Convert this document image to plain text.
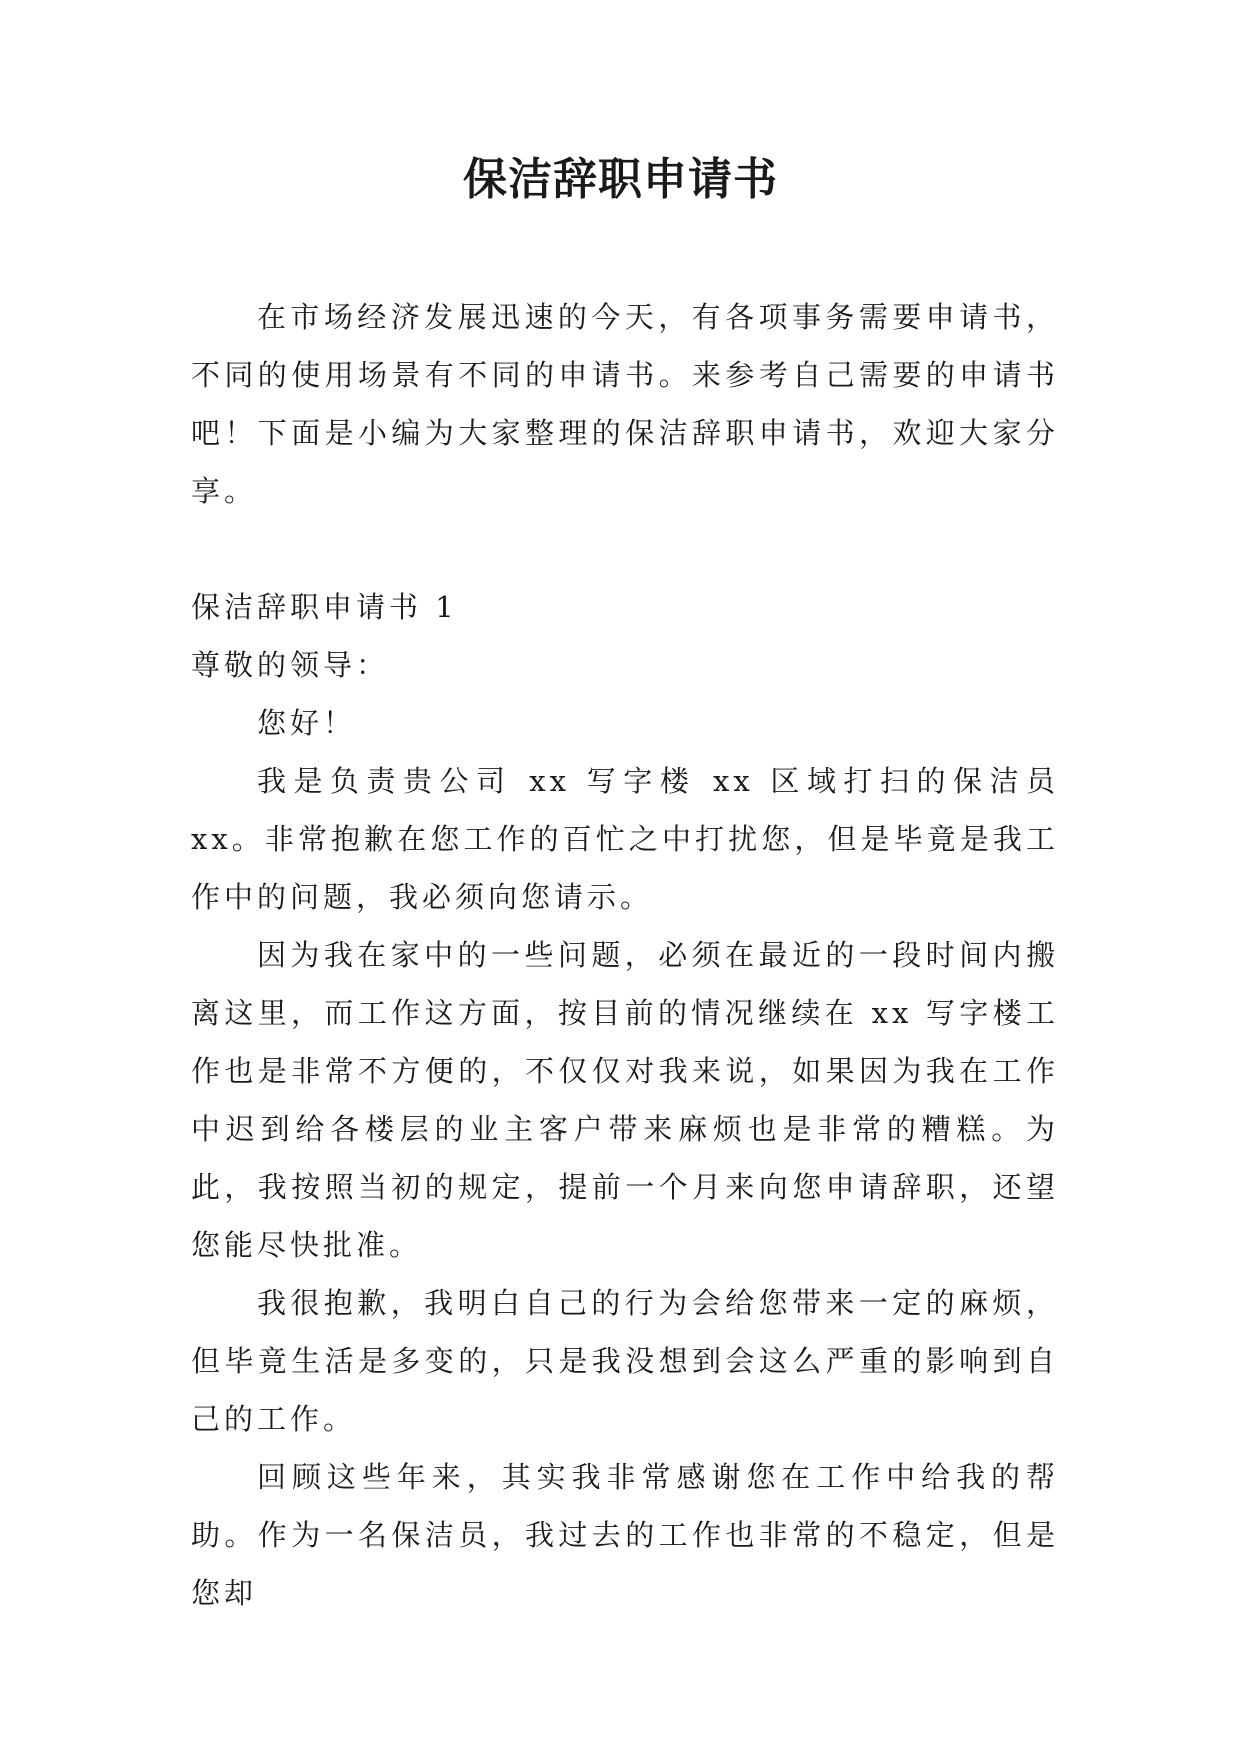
保洁辞职申请书

在市场经济发展迅速的今天，有各项事务需要申请书，不同的使用场景有不同的申请书。来参考自己需要的申请书吧！下面是小编为大家整理的保洁辞职申请书，欢迎大家分享。

保洁辞职申请书 1

尊敬的领导：

您好！

我是负责贵公司 xx 写字楼 xx 区域打扫的保洁员 xx。非常抱歉在您工作的百忙之中打扰您，但是毕竟是我工作中的问题，我必须向您请示。

因为我在家中的一些问题，必须在最近的一段时间内搬离这里，而工作这方面，按目前的情况继续在 xx 写字楼工作也是非常不方便的，不仅仅对我来说，如果因为我在工作中迟到给各楼层的业主客户带来麻烦也是非常的糟糕。为此，我按照当初的规定，提前一个月来向您申请辞职，还望您能尽快批准。

我很抱歉，我明白自己的行为会给您带来一定的麻烦，但毕竟生活是多变的，只是我没想到会这么严重的影响到自己的工作。

回顾这些年来，其实我非常感谢您在工作中给我的帮助。作为一名保洁员，我过去的工作也非常的不稳定，但是您却
